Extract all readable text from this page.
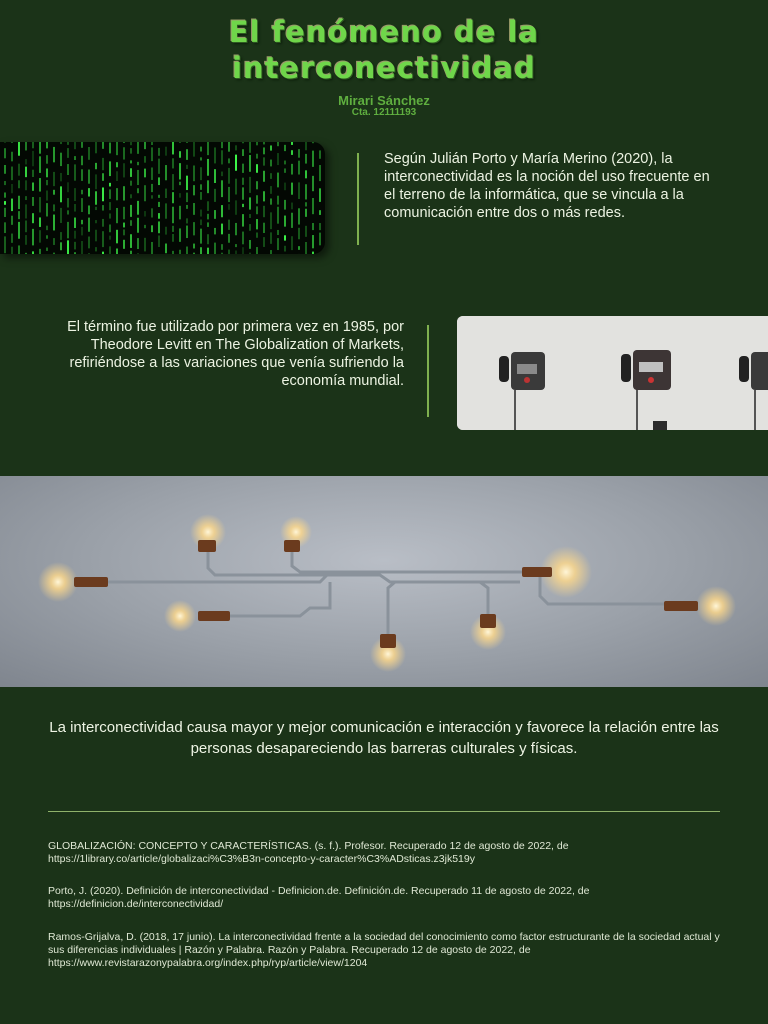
El fenómeno de la
interconectividad
Mirari Sánchez
Cta. 12111193
Según Julián Porto y María Merino (2020), la interconectividad es la noción del uso frecuente en el terreno de la informática, que se vincula a la comunicación entre dos o más redes.
El término fue utilizado por primera vez en 1985, por Theodore Levitt en The Globalization of Markets, refiriéndose a las variaciones que venía sufriendo la economía mundial.
La interconectividad causa mayor y mejor comunicación e interacción y favorece la relación entre las personas desapareciendo las barreras culturales y físicas.
GLOBALIZACIÓN: CONCEPTO Y CARACTERÍSTICAS. (s. f.). Profesor. Recuperado 12 de agosto de 2022, de https://1library.co/article/globalizaci%C3%B3n-concepto-y-caracter%C3%ADsticas.z3jk519y
Porto, J. (2020). Definición de interconectividad - Definicion.de. Definición.de. Recuperado 11 de agosto de 2022, de https://definicion.de/interconectividad/
Ramos-Grijalva, D. (2018, 17 junio). La interconectividad frente a la sociedad del conocimiento como factor estructurante de la sociedad actual y sus diferencias individuales | Razón y Palabra. Razón y Palabra. Recuperado 12 de agosto de 2022, de https://www.revistarazonypalabra.org/index.php/ryp/article/view/1204
